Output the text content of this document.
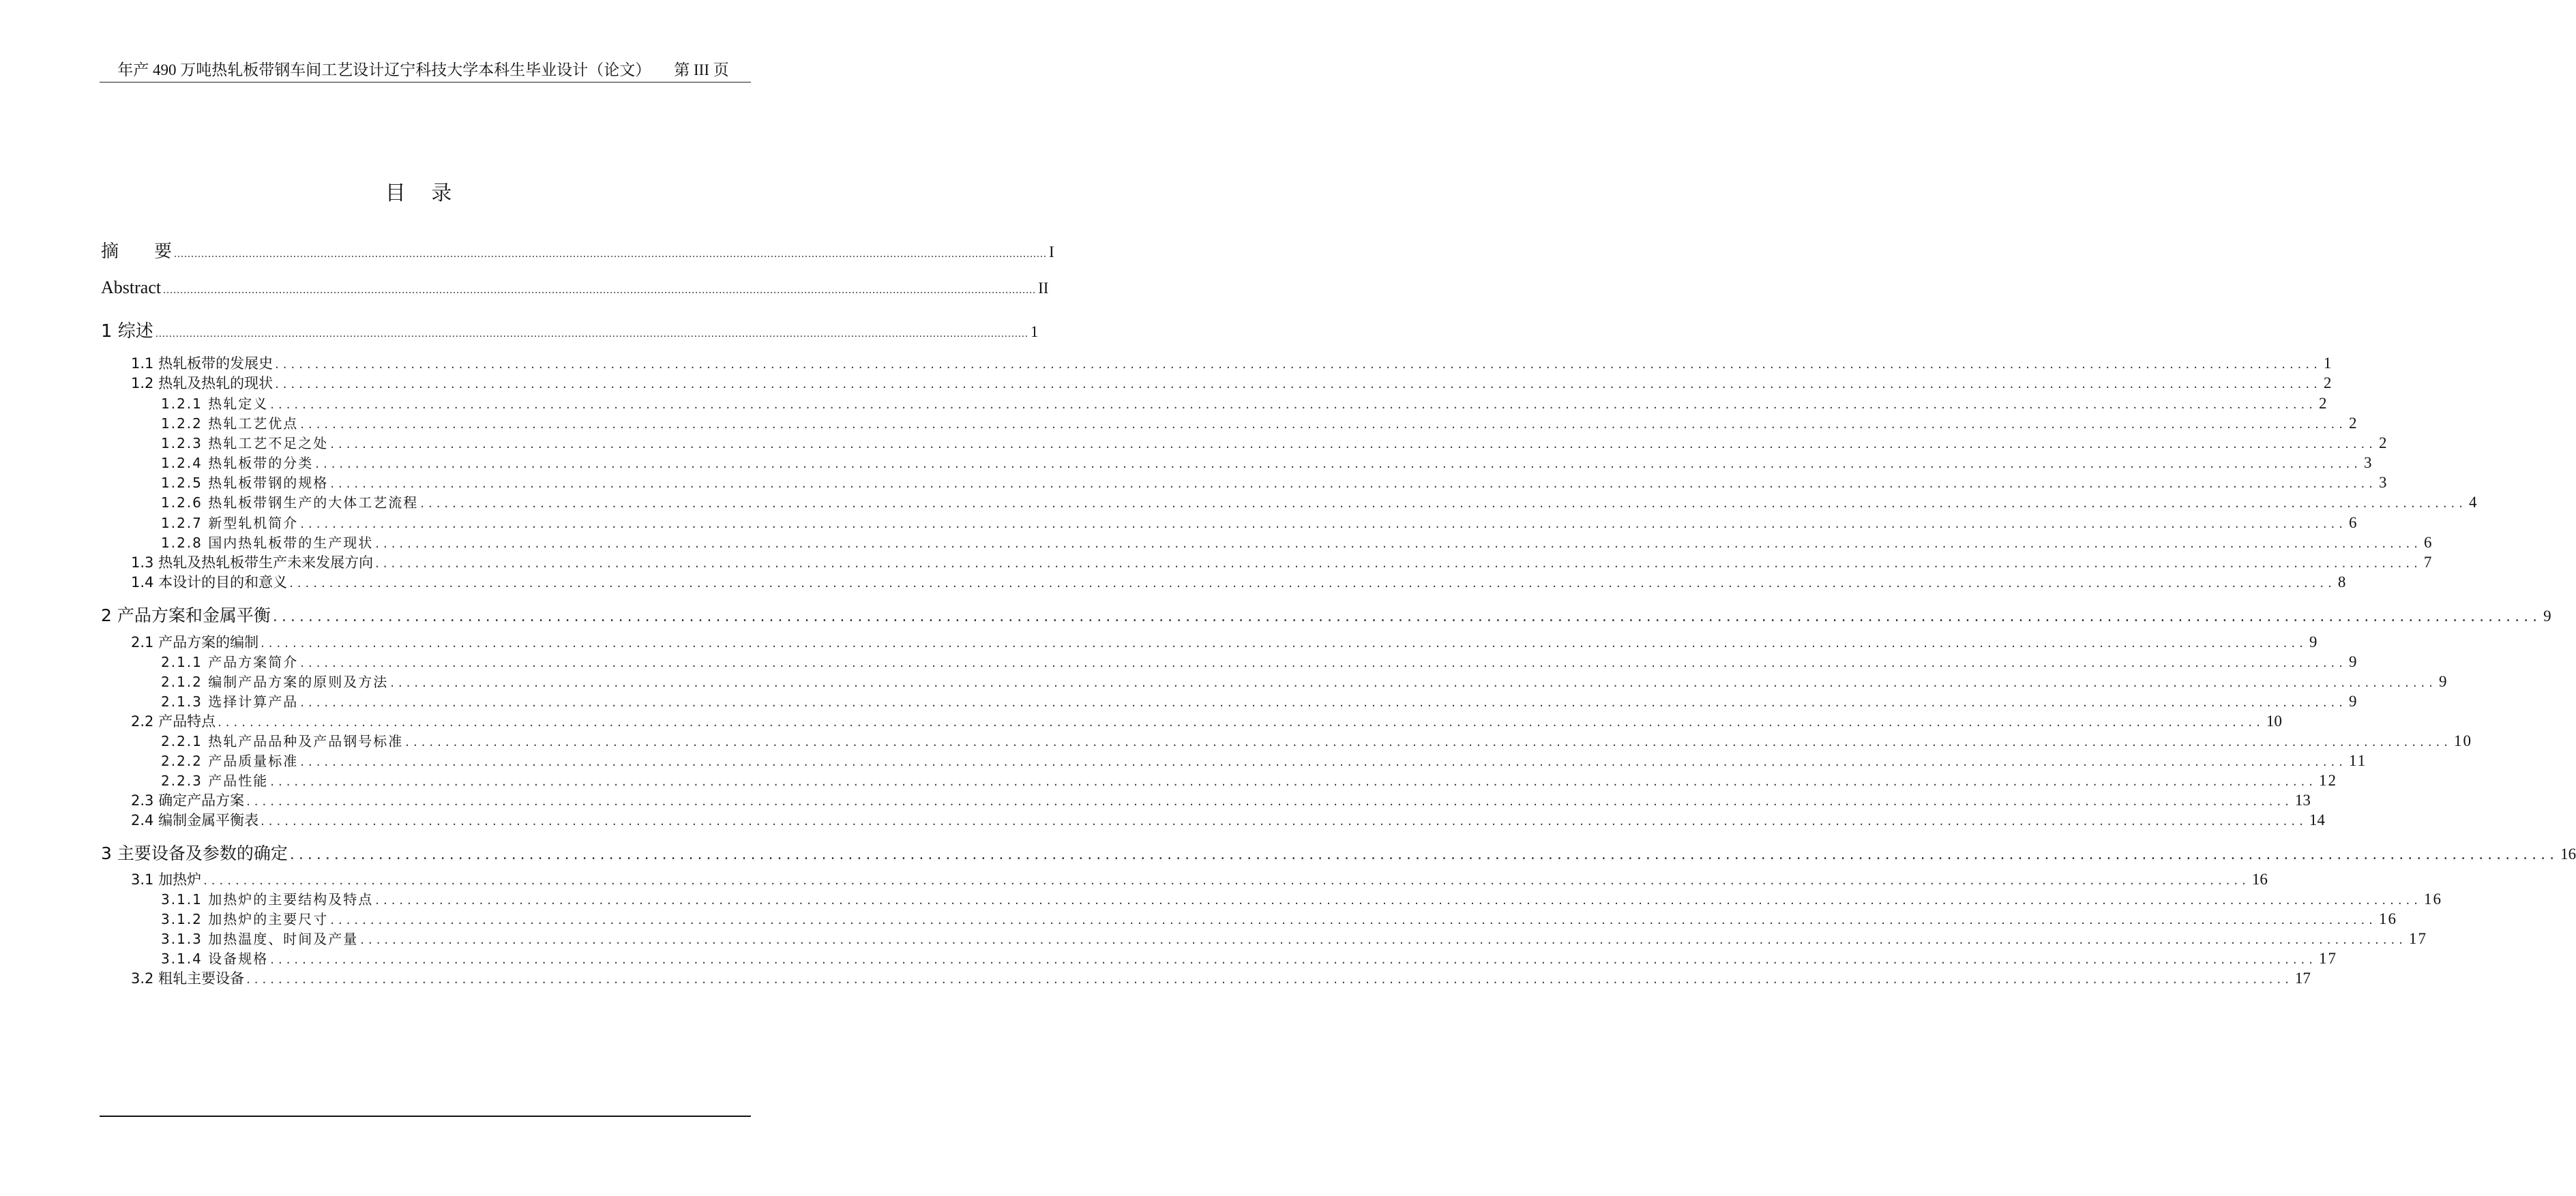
年产 490 万吨热轧板带钢车间工艺设计辽宁科技大学本科生毕业设计（论文） 第 III 页
目 录
摘　　要 ................................................................................................................................................................................................................................................................ I
Abstract ................................................................................................................................................................................................................................................................ II
1 综述 ................................................................................................................................................................................................................................................................ 1
1.1 热轧板带的发展史 ................................................................................................................................................................................................................................................................ 1
1.2 热轧及热轧的现状 ................................................................................................................................................................................................................................................................ 2
1.2.1 热轧定义 ................................................................................................................................................................................................................................................................ 2
1.2.2 热轧工艺优点 ................................................................................................................................................................................................................................................................ 2
1.2.3 热轧工艺不足之处 ................................................................................................................................................................................................................................................................ 2
1.2.4 热轧板带的分类 ................................................................................................................................................................................................................................................................ 3
1.2.5 热轧板带钢的规格 ................................................................................................................................................................................................................................................................ 3
1.2.6 热轧板带钢生产的大体工艺流程 ................................................................................................................................................................................................................................................................ 4
1.2.7 新型轧机简介 ................................................................................................................................................................................................................................................................ 6
1.2.8 国内热轧板带的生产现状 ................................................................................................................................................................................................................................................................ 6
1.3 热轧及热轧板带生产未来发展方向 ................................................................................................................................................................................................................................................................ 7
1.4 本设计的目的和意义 ................................................................................................................................................................................................................................................................ 8
2 产品方案和金属平衡 ................................................................................................................................................................................................................................................................ 9
2.1 产品方案的编制 ................................................................................................................................................................................................................................................................ 9
2.1.1 产品方案简介 ................................................................................................................................................................................................................................................................ 9
2.1.2 编制产品方案的原则及方法 ................................................................................................................................................................................................................................................................ 9
2.1.3 选择计算产品 ................................................................................................................................................................................................................................................................ 9
2.2 产品特点 ................................................................................................................................................................................................................................................................ 10
2.2.1 热轧产品品种及产品钢号标准 ................................................................................................................................................................................................................................................................ 10
2.2.2 产品质量标准 ................................................................................................................................................................................................................................................................ 11
2.2.3 产品性能 ................................................................................................................................................................................................................................................................ 12
2.3 确定产品方案 ................................................................................................................................................................................................................................................................ 13
2.4 编制金属平衡表 ................................................................................................................................................................................................................................................................ 14
3 主要设备及参数的确定 ................................................................................................................................................................................................................................................................ 16
3.1 加热炉 ................................................................................................................................................................................................................................................................ 16
3.1.1 加热炉的主要结构及特点 ................................................................................................................................................................................................................................................................ 16
3.1.2 加热炉的主要尺寸 ................................................................................................................................................................................................................................................................ 16
3.1.3 加热温度、时间及产量 ................................................................................................................................................................................................................................................................ 17
3.1.4 设备规格 ................................................................................................................................................................................................................................................................ 17
3.2 粗轧主要设备 ................................................................................................................................................................................................................................................................ 17
